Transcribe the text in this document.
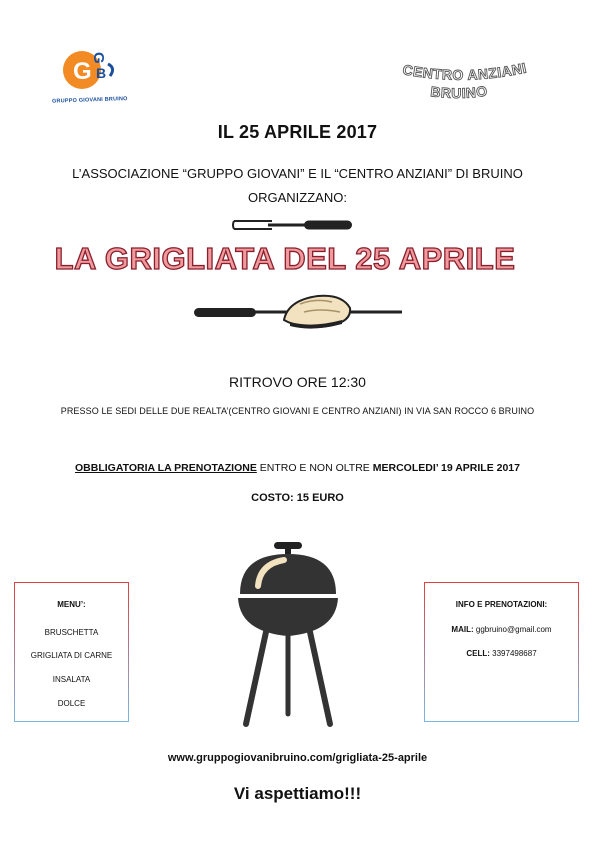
G
G
B
GRUPPO GIOVANI BRUINO
CENTRO ANZIANI
BRUINO
IL 25 APRILE 2017
L’ASSOCIAZIONE “GRUPPO GIOVANI” E IL “CENTRO ANZIANI” DI BRUINO
ORGANIZZANO:
LA GRIGLIATA DEL 25 APRILE
RITROVO ORE 12:30
PRESSO LE SEDI DELLE DUE REALTA’(CENTRO GIOVANI E CENTRO ANZIANI) IN VIA SAN ROCCO 6 BRUINO
OBBLIGATORIA LA PRENOTAZIONE ENTRO E NON OLTRE MERCOLEDI’ 19 APRILE 2017
COSTO: 15 EURO
MENU’:
BRUSCHETTA
GRIGLIATA DI CARNE
INSALATA
DOLCE
INFO E PRENOTAZIONI:
MAIL: ggbruino@gmail.com
CELL: 3397498687
www.gruppogiovanibruino.com/grigliata-25-aprile
Vi aspettiamo!!!
